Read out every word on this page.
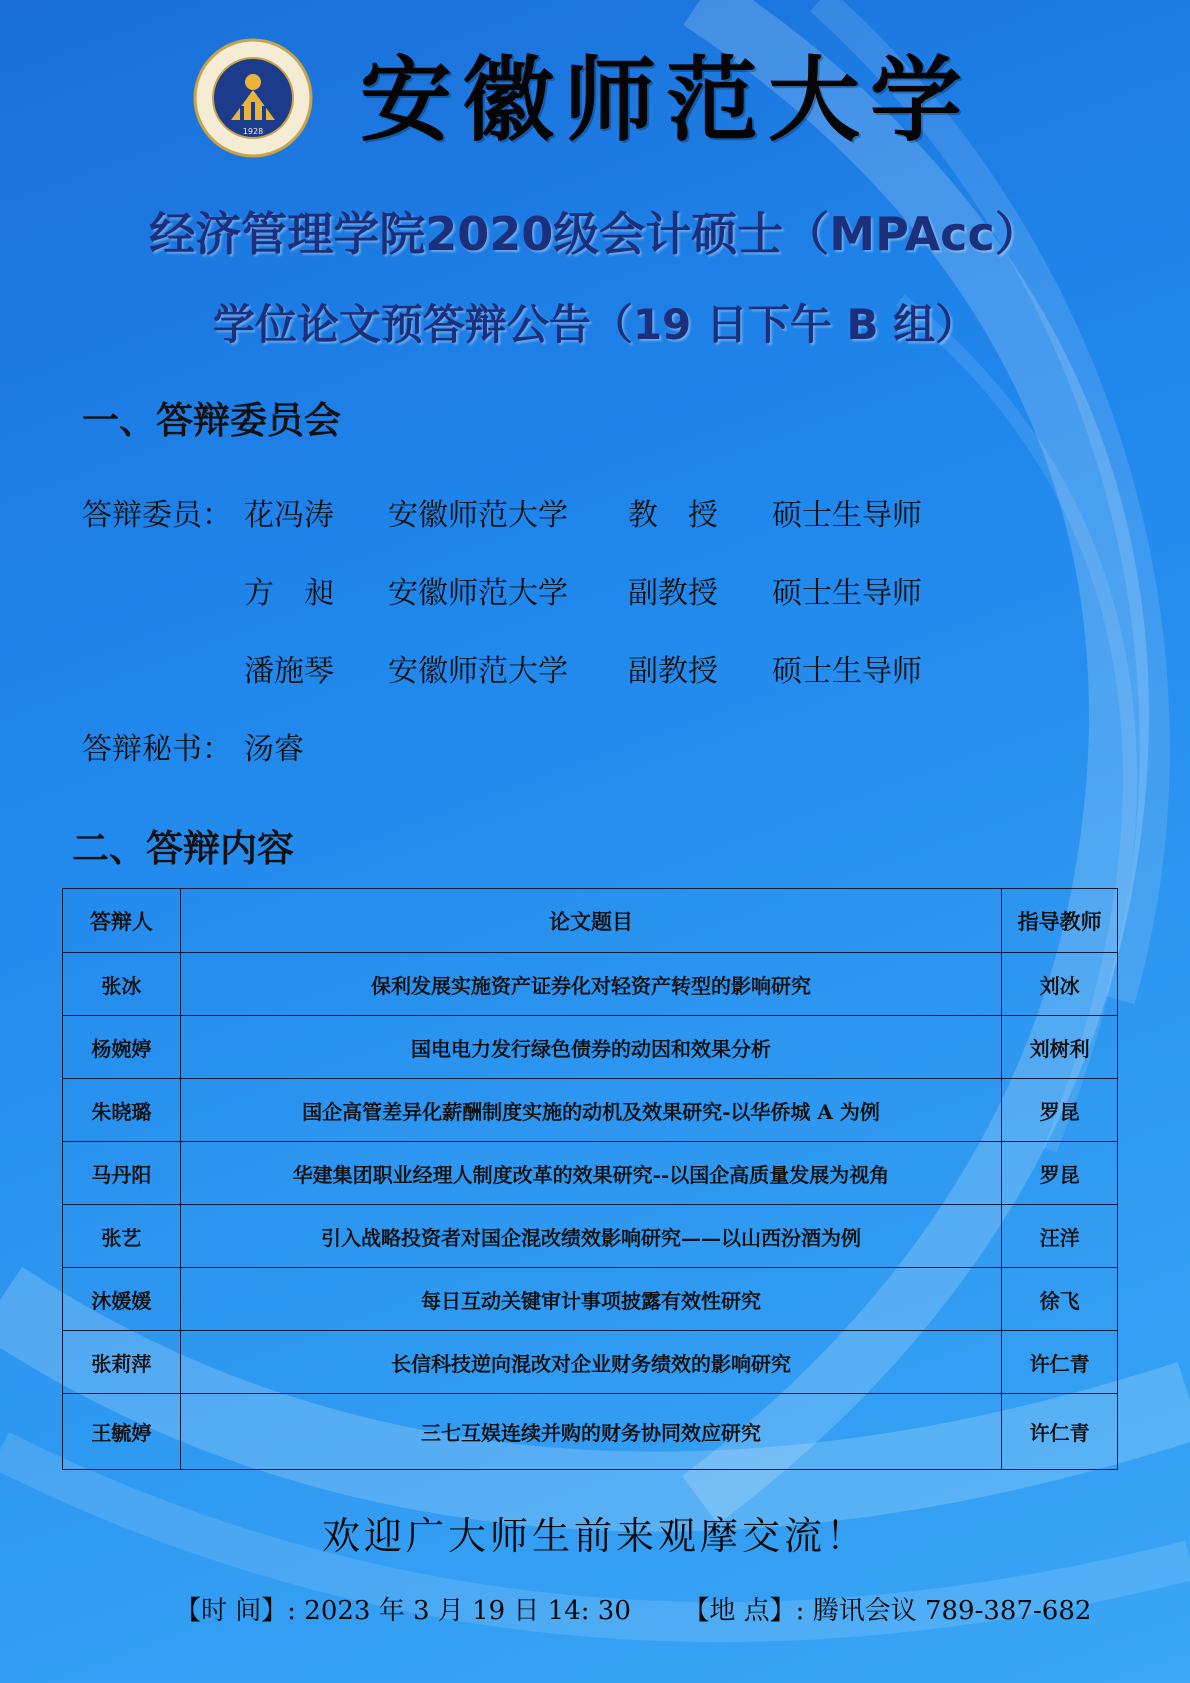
1928 安徽师范大学
经济管理学院2020级会计硕士（MPAcc）
学位论文预答辩公告（19 日下午 B 组）
一、答辩委员会
答辩委员： 花冯涛 安徽师范大学 教　授 硕士生导师
方　昶 安徽师范大学 副教授 硕士生导师
潘施琴 安徽师范大学 副教授 硕士生导师
答辩秘书： 汤睿
二、答辩内容
答辩人	论文题目	指导教师
张冰	保利发展实施资产证券化对轻资产转型的影响研究	刘冰
杨婉婷	国电电力发行绿色债券的动因和效果分析	刘树利
朱晓璐	国企高管差异化薪酬制度实施的动机及效果研究-以华侨城 A 为例	罗昆
马丹阳	华建集团职业经理人制度改革的效果研究--以国企高质量发展为视角	罗昆
张艺	引入战略投资者对国企混改绩效影响研究——以山西汾酒为例	汪洋
沐媛媛	每日互动关键审计事项披露有效性研究	徐飞
张莉萍	长信科技逆向混改对企业财务绩效的影响研究	许仁青
王毓婷	三七互娱连续并购的财务协同效应研究	许仁青
欢迎广大师生前来观摩交流！
【时 间】: 2023 年 3 月 19 日 14: 30 【地 点】: 腾讯会议 789-387-682
